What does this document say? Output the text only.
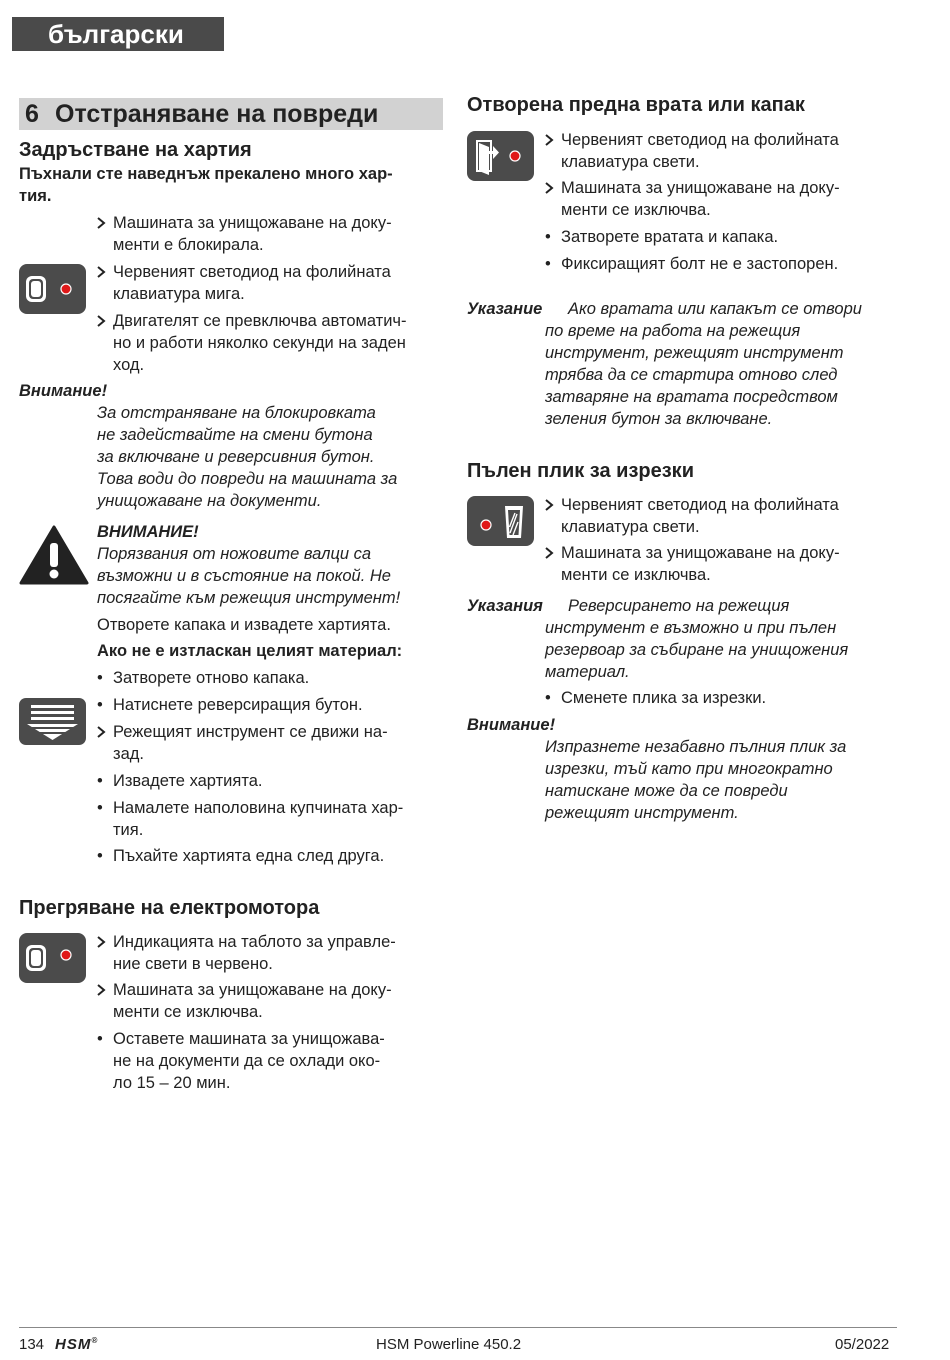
български
6 Отстраняване на повреди
Задръстване на хартия
Пъхнали сте наведнъж прекалено много хар-
тия.
Машината за унищожаване на доку-
менти е блокирала.
Червеният светодиод на фолийната
клавиатура мига.
Двигателят се превключва автоматич-
но и работи няколко секунди на заден
ход.
Внимание!
За отстраняване на блокировката
не задействайте на смени бутона
за включване и реверсивния бутон.
Това води до повреди на машината за
унищожаване на документи.
ВНИМАНИЕ!
Порязвания от ножовите валци са
възможни и в състояние на покой. Не
посягайте към режещия инструмент!
Отворете капака и извадете хартията.
Ако не е изтласкан целият материал:
• Затворете отново капака.
• Натиснете реверсиращия бутон.
Режещият инструмент се движи на-
зад.
• Извадете хартията.
• Намалете наполовина купчината хар-
тия.
• Пъхайте хартията една след друга.
Прегряване на електромотора
Индикацията на таблото за управле-
ние свети в червено.
Машината за унищожаване на доку-
менти се изключва.
• Оставете машината за унищожава-
не на документи да се охлади око-
ло 15 – 20 мин.
Отворена предна врата или капак
Червеният светодиод на фолийната
клавиатура свети.
Машината за унищожаване на доку-
менти се изключва.
• Затворете вратата и капака.
• Фиксиращият болт не е застопорен.
Указание Ако вратата или капакът се отвори
по време на работа на режещия
инструмент, режещият инструмент
трябва да се стартира отново след
затваряне на вратата посредством
зеления бутон за включване.
Пълен плик за изрезки
Червеният светодиод на фолийната
клавиатура свети.
Машината за унищожаване на доку-
менти се изключва.
Указания Реверсирането на режещия
инструмент е възможно и при пълен
резервоар за събиране на унищожения
материал.
• Сменете плика за изрезки.
Внимание!
Изпразнете незабавно пълния плик за
изрезки, тъй като при многократно
натискане може да се повреди
режещият инструмент.
134 HSM®	HSM Powerline 450.2	05/2022
